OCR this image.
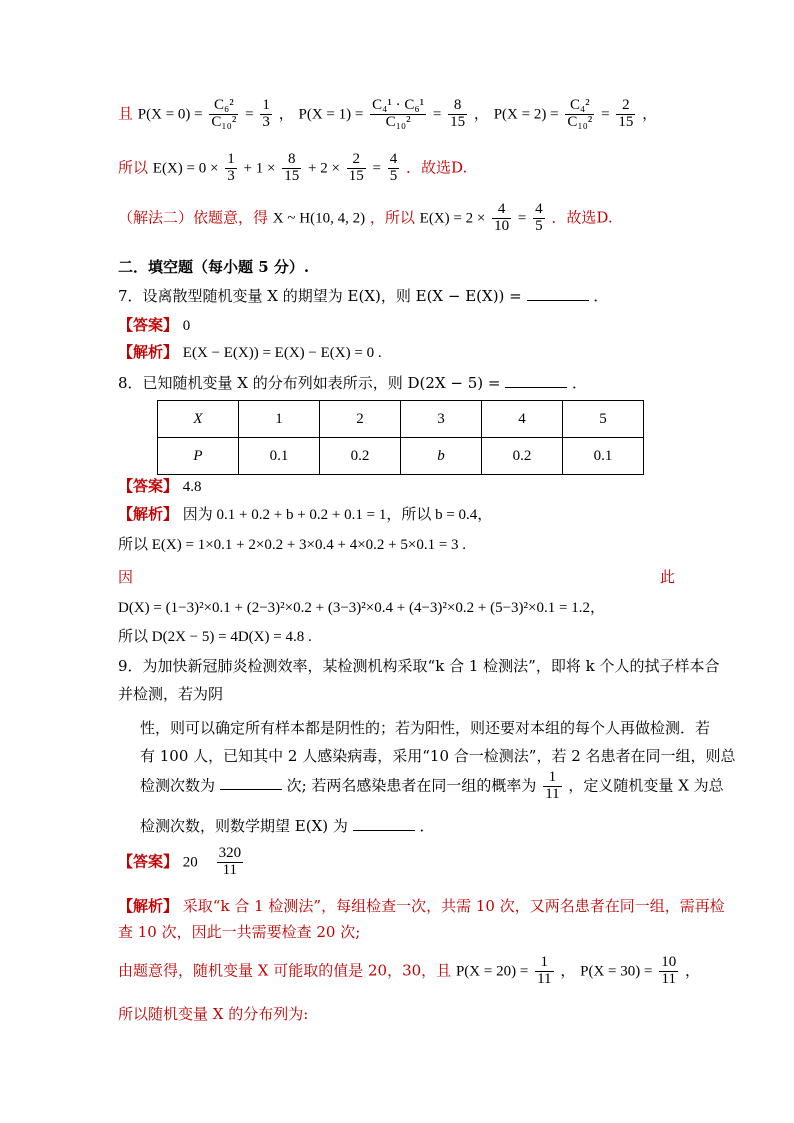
且 $P(X = 0) = \frac{\text{C₆²}}{\text{C₁₀²}} = \frac{1}{3}$ ， $P(X = 1) = \frac{\text{C₄¹ · C₆¹}}{\text{C₁₀²}} = \frac{8}{15}$ ， $P(X = 2) = \frac{\text{C₄²}}{\text{C₁₀²}} = \frac{2}{15}$ ，
所以 $E(X) = 0 \times \frac{1}{3} + 1 \times \frac{8}{15} + 2 \times \frac{2}{15} = \frac{4}{5}$ ．故选D.
（解法二）依题意，得 X ~ H(10, 4, 2) ，所以 $E(X) = 2 \times \frac{4}{10} = \frac{4}{5}$ ．故选D.
二．填空题（每小题 5 分）.
7．设离散型随机变量 X 的期望为 E(X)，则 E(X − E(X)) =	．
【答案】 0
【解析】 E(X − E(X)) = E(X) − E(X) = 0 .
8．已知随机变量 X 的分布列如表所示，则 D(2X − 5) =	．
X	1	2	3	4	5
P	0.1	0.2	b	0.2	0.1
【答案】 4.8
【解析】 因为 0.1 + 0.2 + b + 0.2 + 0.1 = 1，所以 b = 0.4，
所以 E(X) = 1×0.1 + 2×0.2 + 3×0.4 + 4×0.2 + 5×0.1 = 3 .
因	此
D(X) = (1−3)²×0.1 + (2−3)²×0.2 + (3−3)²×0.4 + (4−3)²×0.2 + (5−3)²×0.1 = 1.2，
所以 D(2X − 5) = 4D(X) = 4.8 .
9．为加快新冠肺炎检测效率，某检测机构采取“k 合 1 检测法”，即将 k 个人的拭子样本合
并检测，若为阴
性，则可以确定所有样本都是阴性的；若为阳性，则还要对本组的每个人再做检测．若
有 100 人，已知其中 2 人感染病毒，采用“10 合一检测法”，若 2 名患者在同一组，则总
检测次数为	次; 若两名感染患者在同一组的概率为 $\frac{1}{11}$ ，定义随机变量 X 为总
检测次数，则数学期望 E(X) 为	．
【答案】 $20 \frac{320}{11}$
【解析】 采取“k 合 1 检测法”，每组检查一次，共需 10 次，又两名患者在同一组，需再检
查 10 次，因此一共需要检查 20 次;
由题意得，随机变量 X 可能取的值是 20，30，且 $P(X = 20) = \frac{1}{11}$ ， $P(X = 30) = \frac{10}{11}$ ，
所以随机变量 X 的分布列为:
